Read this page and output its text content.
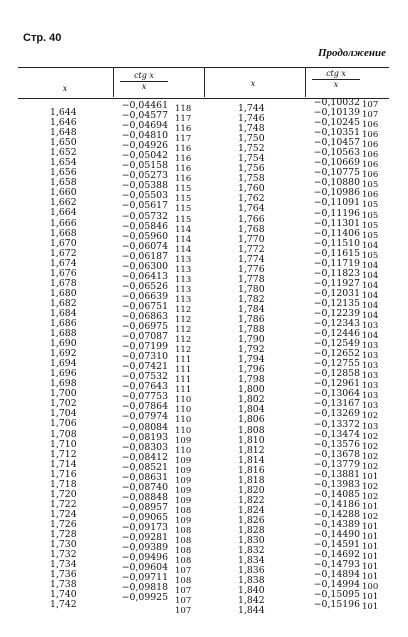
Стр. 40
Продолжение
x
ctg x
x	x
ctg x
x
1,644
1,646
1,648
1,650
1,652
1,654
1,656
1,658
1,660
1,662
1,664
1,666
1,668
1,670
1,672
1,674
1,676
1,678
1,680
1,682
1,684
1,686
1,688
1,690
1,692
1,694
1,696
1,698
1,700
1,702
1,704
1,706
1,708
1,710
1,712
1,714
1,716
1,718
1,720
1,722
1,724
1,726
1,728
1,730
1,732
1,734
1,736
1,738
1,740
1,742
−0,04461
−0,04577
−0,04694
−0,04810
−0,04926
−0,05042
−0,05158
−0,05273
−0,05388
−0,05503
−0,05617
−0,05732
−0,05846
−0,05960
−0,06074
−0,06187
−0,06300
−0,06413
−0,06526
−0,06639
−0,06751
−0,06863
−0,06975
−0,07087
−0,07199
−0,07310
−0,07421
−0,07532
−0,07643
−0,07753
−0,07864
−0,07974
−0,08084
−0,08193
−0,08303
−0,08412
−0,08521
−0,08631
−0,08740
−0,08848
−0,08957
−0,09065
−0,09173
−0,09281
−0,09389
−0,09496
−0,09604
−0,09711
−0,09818
−0,09925
118
117
116
117
116
116
116
116
115
115
115
115
114
114
114
113
113
113
113
113
112
112
112
112
112
111
111
111
111
110
110
110
110
109
110
109
109
109
109
109
108
109
108
108
108
108
107
108
107
107
107
1,744
1,746
1,748
1,750
1,752
1,754
1,756
1,758
1,760
1,762
1,764
1,766
1,768
1,770
1,772
1,774
1,776
1,778
1,780
1,782
1,784
1,786
1,788
1,790
1,792
1,794
1,796
1,798
1,800
1,802
1,804
1,806
1,808
1,810
1,812
1,814
1,816
1,818
1,820
1,822
1,824
1,826
1,828
1,830
1,832
1,834
1,836
1,838
1,840
1,842
1,844
−0,10032
−0,10139
−0,10245
−0,10351
−0,10457
−0,10563
−0,10669
−0,10775
−0,10880
−0,10986
−0,11091
−0,11196
−0,11301
−0,11406
−0,11510
−0,11615
−0,11719
−0,11823
−0,11927
−0,12031
−0,12135
−0,12239
−0,12343
−0,12446
−0,12549
−0,12652
−0,12755
−0,12858
−0,12961
−0,13064
−0,13167
−0,13269
−0,13372
−0,13474
−0,13576
−0,13678
−0,13779
−0,13881
−0,13983
−0,14085
−0,14186
−0,14288
−0,14389
−0,14490
−0,14591
−0,14692
−0,14793
−0,14894
−0,14994
−0,15095
−0,15196
107
107
106
106
106
106
106
106
105
106
105
105
105
105
104
105
104
104
104
104
104
104
103
104
103
103
103
103
103
103
103
102
103
102
102
102
102
101
102
102
101
102
101
101
101
101
101
101
100
101
101
